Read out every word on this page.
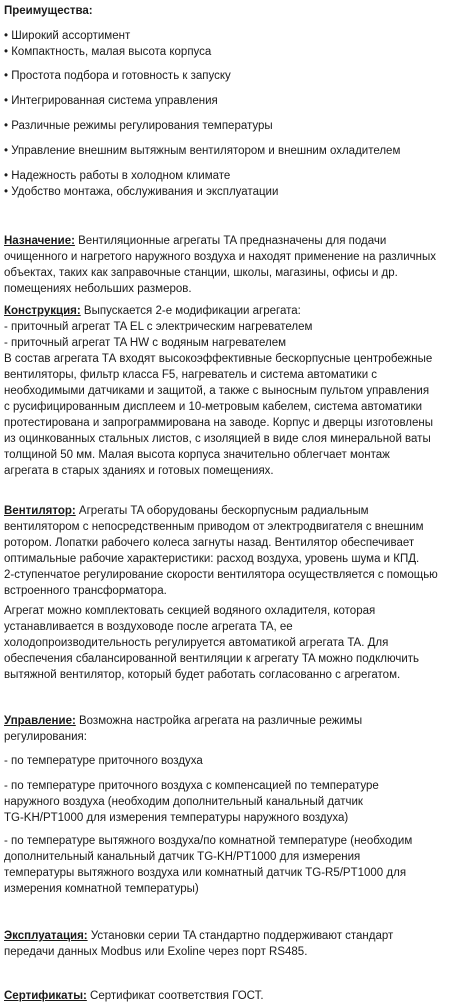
Преимущества:
• Широкий ассортимент
• Компактность, малая высота корпуса
• Простота подбора и готовность к запуску
• Интегрированная система управления
• Различные режимы регулирования температуры
• Управление внешним вытяжным вентилятором и внешним охладителем
• Надежность работы в холодном климате
• Удобство монтажа, обслуживания и эксплуатации
Назначение: Вентиляционные агрегаты TA предназначены для подачи
очищенного и нагретого наружного воздуха и находят применение на различных
объектах, таких как заправочные станции, школы, магазины, офисы и др.
помещениях небольших размеров.
Конструкция: Выпускается 2-е модификации агрегата:
- приточный агрегат TA EL с электрическим нагревателем
- приточный агрегат TA HW с водяным нагревателем
В состав агрегата ТА входят высокоэффективные бескорпусные центробежные
вентиляторы, фильтр класса F5, нагреватель и система автоматики с
необходимыми датчиками и защитой, а также с выносным пультом управления
с русифицированным дисплеем и 10-метровым кабелем, система автоматики
протестирована и запрограммирована на заводе. Корпус и дверцы изготовлены
из оцинкованных стальных листов, с изоляцией в виде слоя минеральной ваты
толщиной 50 мм. Малая высота корпуса значительно облегчает монтаж
агрегата в старых зданиях и готовых помещениях.
Вентилятор: Агрегаты TA оборудованы бескорпусным радиальным
вентилятором с непосредственным приводом от электродвигателя с внешним
ротором. Лопатки рабочего колеса загнуты назад. Вентилятор обеспечивает
оптимальные рабочие характеристики: расход воздуха, уровень шума и КПД.
2-ступенчатое регулирование скорости вентилятора осуществляется с помощью
встроенного трансформатора.
Агрегат можно комплектовать секцией водяного охладителя, которая
устанавливается в воздуховоде после агрегата TA, ее
холодопроизводительность регулируется автоматикой агрегата TA. Для
обеспечения сбалансированной вентиляции к агрегату TA можно подключить
вытяжной вентилятор, который будет работать согласованно с агрегатом.
Управление: Возможна настройка агрегата на различные режимы
регулирования:
- по температуре приточного воздуха
- по температуре приточного воздуха с компенсацией по температуре
наружного воздуха (необходим дополнительный канальный датчик
TG-KH/PT1000 для измерения температуры наружного воздуха)
- по температуре вытяжного воздуха/по комнатной температуре (необходим
дополнительный канальный датчик TG-KH/PT1000 для измерения
температуры вытяжного воздуха или комнатный датчик TG-R5/PT1000 для
измерения комнатной температуры)
Эксплуатация: Установки серии TA стандартно поддерживают стандарт
передачи данных Modbus или Exoline через порт RS485.
Сертификаты: Сертификат соответствия ГОСТ.
